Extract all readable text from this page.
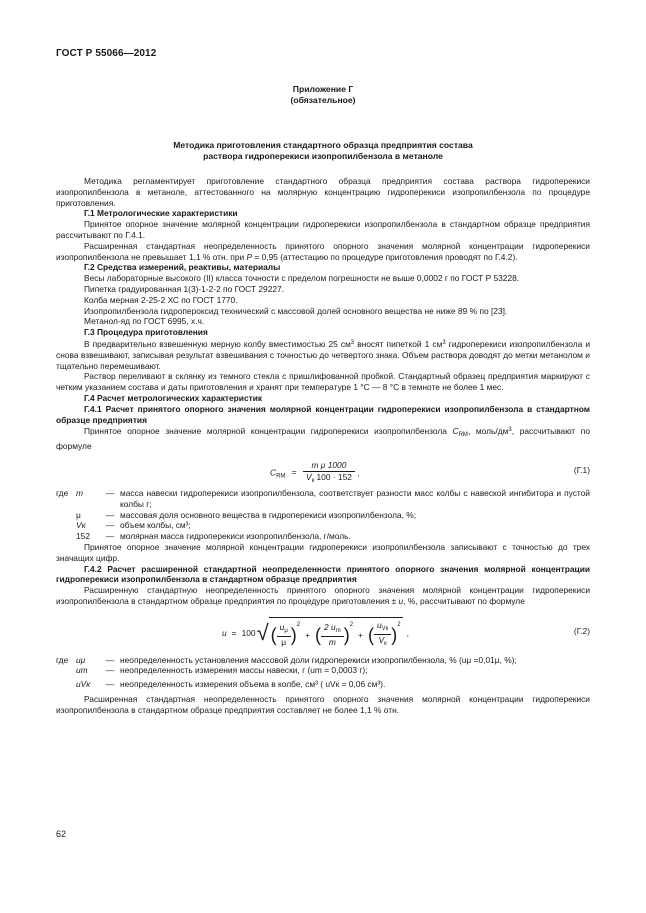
ГОСТ Р 55066—2012
Приложение Г
(обязательное)
Методика приготовления стандартного образца предприятия состава
раствора гидроперекиси изопропилбензола в метаноле

Методика регламентирует приготовление стандартного образца предприятия состава раствора гидроперекиси изопропилбензола в метаноле, аттестованного на молярную концентрацию гидроперекиси изопропилбензола по процедуре приготовления.

Г.1 Метрологические характеристики

Принятое опорное значение молярной концентрации гидроперекиси изопропилбензола в стандартном образце предприятия рассчитывают по Г.4.1.

Расширенная стандартная неопределенность принятого опорного значения молярной концентрации гидроперекиси изопропилбензола не превышает 1,1 % отн. при P = 0,95 (аттестацию по процедуре приготовления проводят по Г.4.2).

Г.2 Средства измерений, реактивы, материалы

Весы лабораторные высокого (II) класса точности с пределом погрешности не выше 0,0002 г по ГОСТ Р 53228.

Пипетка градуированная 1(3)-1-2-2 по ГОСТ 29227.

Колба мерная 2-25-2 ХС по ГОСТ 1770.

Изопропилбензола гидропероксид технический с массовой долей основного вещества не ниже 89 % по [23].

Метанол-яд по ГОСТ 6995, х.ч.

Г.3 Процедура приготовления

В предварительно взвешенную мерную колбу вместимостью 25 $см^3$ вносят пипеткой 1 $см^3$ гидроперекиси изопропилбензола и снова взвешивают, записывая результат взвешивания с точностью до четвертого знака. Объем раствора доводят до метки метанолом и тщательно перемешивают.

Раствор переливают в склянку из темного стекла с пришлифованной пробкой. Стандартный образец предприятия маркируют с четким указанием состава и даты приготовления и хранят при температуре 1 °С — 8 °С в темноте не более 1 мес.

Г.4 Расчет метрологических характеристик

Г.4.1 Расчет принятого опорного значения молярной концентрации гидроперекиси изопропилбензола в стандартном образце предприятия

Принятое опорное значение молярной концентрации гидроперекиси изопропилбензола $C_{RM}$, моль/$дм^3$, рассчитывают по формуле

$C_{RM} = \frac{\text{m μ 1000}}{V_к 100 \cdot 152}$ ,	(Г.1)
где m	— масса навески гидроперекиси изопропилбензола, соответствует разности масс колбы с навеской ингибитора и пустой колбы г;
μ	— массовая доля основного вещества в гидроперекиси изопропилбензола, %;
Vк	— объем колбы, см³;
152	— молярная масса гидроперекиси изопропилбензола, г/моль.

Принятое опорное значение молярной концентрации гидроперекиси изопропилбензола записывают с точностью до трех значащих цифр.

Г.4.2 Расчет расширенной стандартной неопределенности принятого опорного значения молярной концентрации гидроперекиси изопропилбензола в стандартном образце предприятия

Расширенную стандартную неопределенность принятого опорного значения молярной концентрации гидроперекиси изопропилбензола в стандартном образце предприятия по процедуре приготовления ± u, %, рассчитывают по формуле

u = 100 √ ( $\frac{u_\mu}{\mu}$ ) 2
+ ( $\frac{2 u_m}{m}$ ) 2
+ ( $\frac{u_{Vк}}{V_к}$ ) 2
,	(Г.2)
где uμ	— неопределенность установления массовой доли гидроперекиси изопропилбензола, % (uμ =0,01μ, %);
um	— неопределенность измерения массы навески, г (um = 0,0003 г);
uVк	— неопределенность измерения объема в колбе, см³ ( uVк = 0,06 см³).

Расширенная стандартная неопределенность принятого опорного значения молярной концентрации гидроперекиси изопропилбензола в стандартном образце предприятия составляет не более 1,1 % отн.

62
